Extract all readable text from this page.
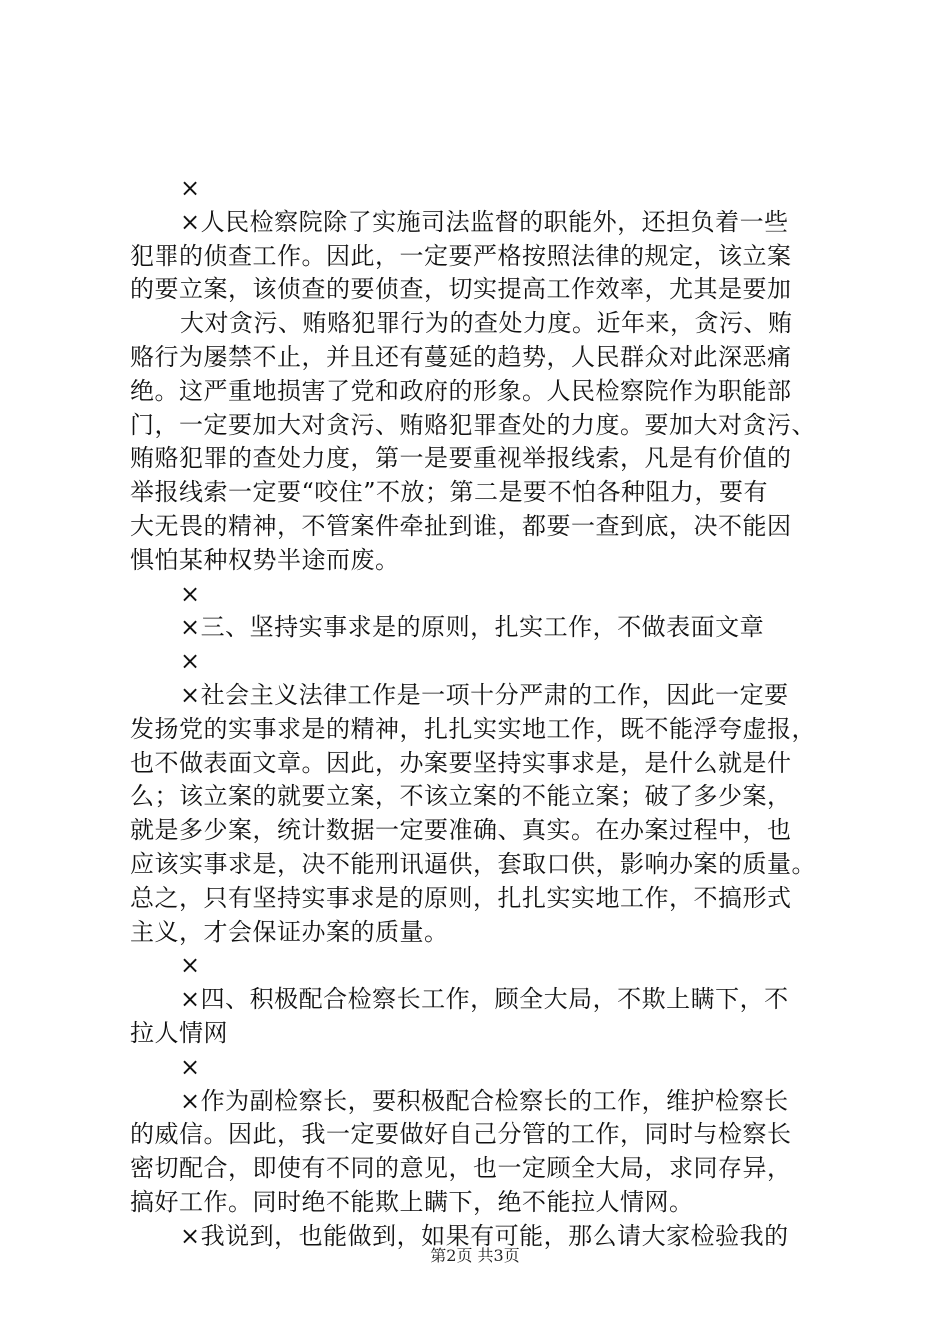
×
×人民检察院除了实施司法监督的职能外，还担负着一些
犯罪的侦查工作。因此，一定要严格按照法律的规定，该立案
的要立案，该侦查的要侦查，切实提高工作效率，尤其是要加
大对贪污、贿赂犯罪行为的查处力度。近年来，贪污、贿
赂行为屡禁不止，并且还有蔓延的趋势，人民群众对此深恶痛
绝。这严重地损害了党和政府的形象。人民检察院作为职能部
门，一定要加大对贪污、贿赂犯罪查处的力度。要加大对贪污、
贿赂犯罪的查处力度，第一是要重视举报线索，凡是有价值的
举报线索一定要“咬住”不放；第二是要不怕各种阻力，要有
大无畏的精神，不管案件牵扯到谁，都要一查到底，决不能因
惧怕某种权势半途而废。
×
×三、坚持实事求是的原则，扎实工作，不做表面文章
×
×社会主义法律工作是一项十分严肃的工作，因此一定要
发扬党的实事求是的精神，扎扎实实地工作，既不能浮夸虚报，
也不做表面文章。因此，办案要坚持实事求是，是什么就是什
么；该立案的就要立案，不该立案的不能立案；破了多少案，
就是多少案，统计数据一定要准确、真实。在办案过程中，也
应该实事求是，决不能刑讯逼供，套取口供，影响办案的质量。
总之，只有坚持实事求是的原则，扎扎实实地工作，不搞形式
主义，才会保证办案的质量。
×
×四、积极配合检察长工作，顾全大局，不欺上瞒下，不
拉人情网
×
×作为副检察长，要积极配合检察长的工作，维护检察长
的威信。因此，我一定要做好自己分管的工作，同时与检察长
密切配合，即使有不同的意见，也一定顾全大局，求同存异，
搞好工作。同时绝不能欺上瞒下，绝不能拉人情网。
×我说到，也能做到，如果有可能，那么请大家检验我的
第2页 共3页
